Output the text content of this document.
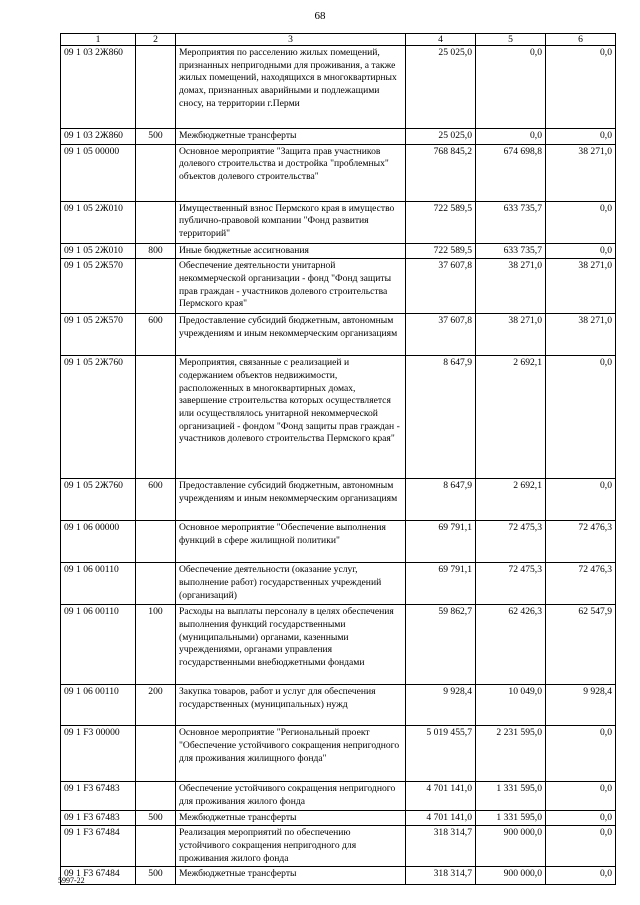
68
1	2	3	4	5	6
09 1 03 2Ж860		Мероприятия по расселению жилых помещений, признанных непригодными для проживания, а также жилых помещений, находящихся в многоквартирных домах, признанных аварийными и подлежащими сносу, на территории г.Перми	25 025,0	0,0	0,0
09 1 03 2Ж860	500	Межбюджетные трансферты	25 025,0	0,0	0,0
09 1 05 00000		Основное мероприятие "Защита прав участников долевого строительства и достройка "проблемных" объектов долевого строительства"	768 845,2	674 698,8	38 271,0
09 1 05 2Ж010		Имущественный взнос Пермского края в имущество публично-правовой компании "Фонд развития территорий"	722 589,5	633 735,7	0,0
09 1 05 2Ж010	800	Иные бюджетные ассигнования	722 589,5	633 735,7	0,0
09 1 05 2Ж570		Обеспечение деятельности унитарной некоммерческой организации - фонд "Фонд защиты прав граждан - участников долевого строительства Пермского края"	37 607,8	38 271,0	38 271,0
09 1 05 2Ж570	600	Предоставление субсидий бюджетным, автономным учреждениям и иным некоммерческим организациям	37 607,8	38 271,0	38 271,0
09 1 05 2Ж760		Мероприятия, связанные с реализацией и содержанием объектов недвижимости, расположенных в многоквартирных домах, завершение строительства которых осуществляется или осуществлялось унитарной некоммерческой организацией - фондом "Фонд защиты прав граждан - участников долевого строительства Пермского края"	8 647,9	2 692,1	0,0
09 1 05 2Ж760	600	Предоставление субсидий бюджетным, автономным учреждениям и иным некоммерческим организациям	8 647,9	2 692,1	0,0
09 1 06 00000		Основное мероприятие "Обеспечение выполнения функций в сфере жилищной политики"	69 791,1	72 475,3	72 476,3
09 1 06 00110		Обеспечение деятельности (оказание услуг, выполнение работ) государственных учреждений (организаций)	69 791,1	72 475,3	72 476,3
09 1 06 00110	100	Расходы на выплаты персоналу в целях обеспечения выполнения функций государственными (муниципальными) органами, казенными учреждениями, органами управления государственными внебюджетными фондами	59 862,7	62 426,3	62 547,9
09 1 06 00110	200	Закупка товаров, работ и услуг для обеспечения государственных (муниципальных) нужд	9 928,4	10 049,0	9 928,4
09 1 F3 00000		Основное мероприятие "Региональный проект "Обеспечение устойчивого сокращения непригодного для проживания жилищного фонда"	5 019 455,7	2 231 595,0	0,0
09 1 F3 67483		Обеспечение устойчивого сокращения непригодного для проживания жилого фонда	4 701 141,0	1 331 595,0	0,0
09 1 F3 67483	500	Межбюджетные трансферты	4 701 141,0	1 331 595,0	0,0
09 1 F3 67484		Реализация мероприятий по обеспечению устойчивого сокращения непригодного для проживания жилого фонда	318 314,7	900 000,0	0,0
09 1 F3 67484	500	Межбюджетные трансферты	318 314,7	900 000,0	0,0
5997-22
